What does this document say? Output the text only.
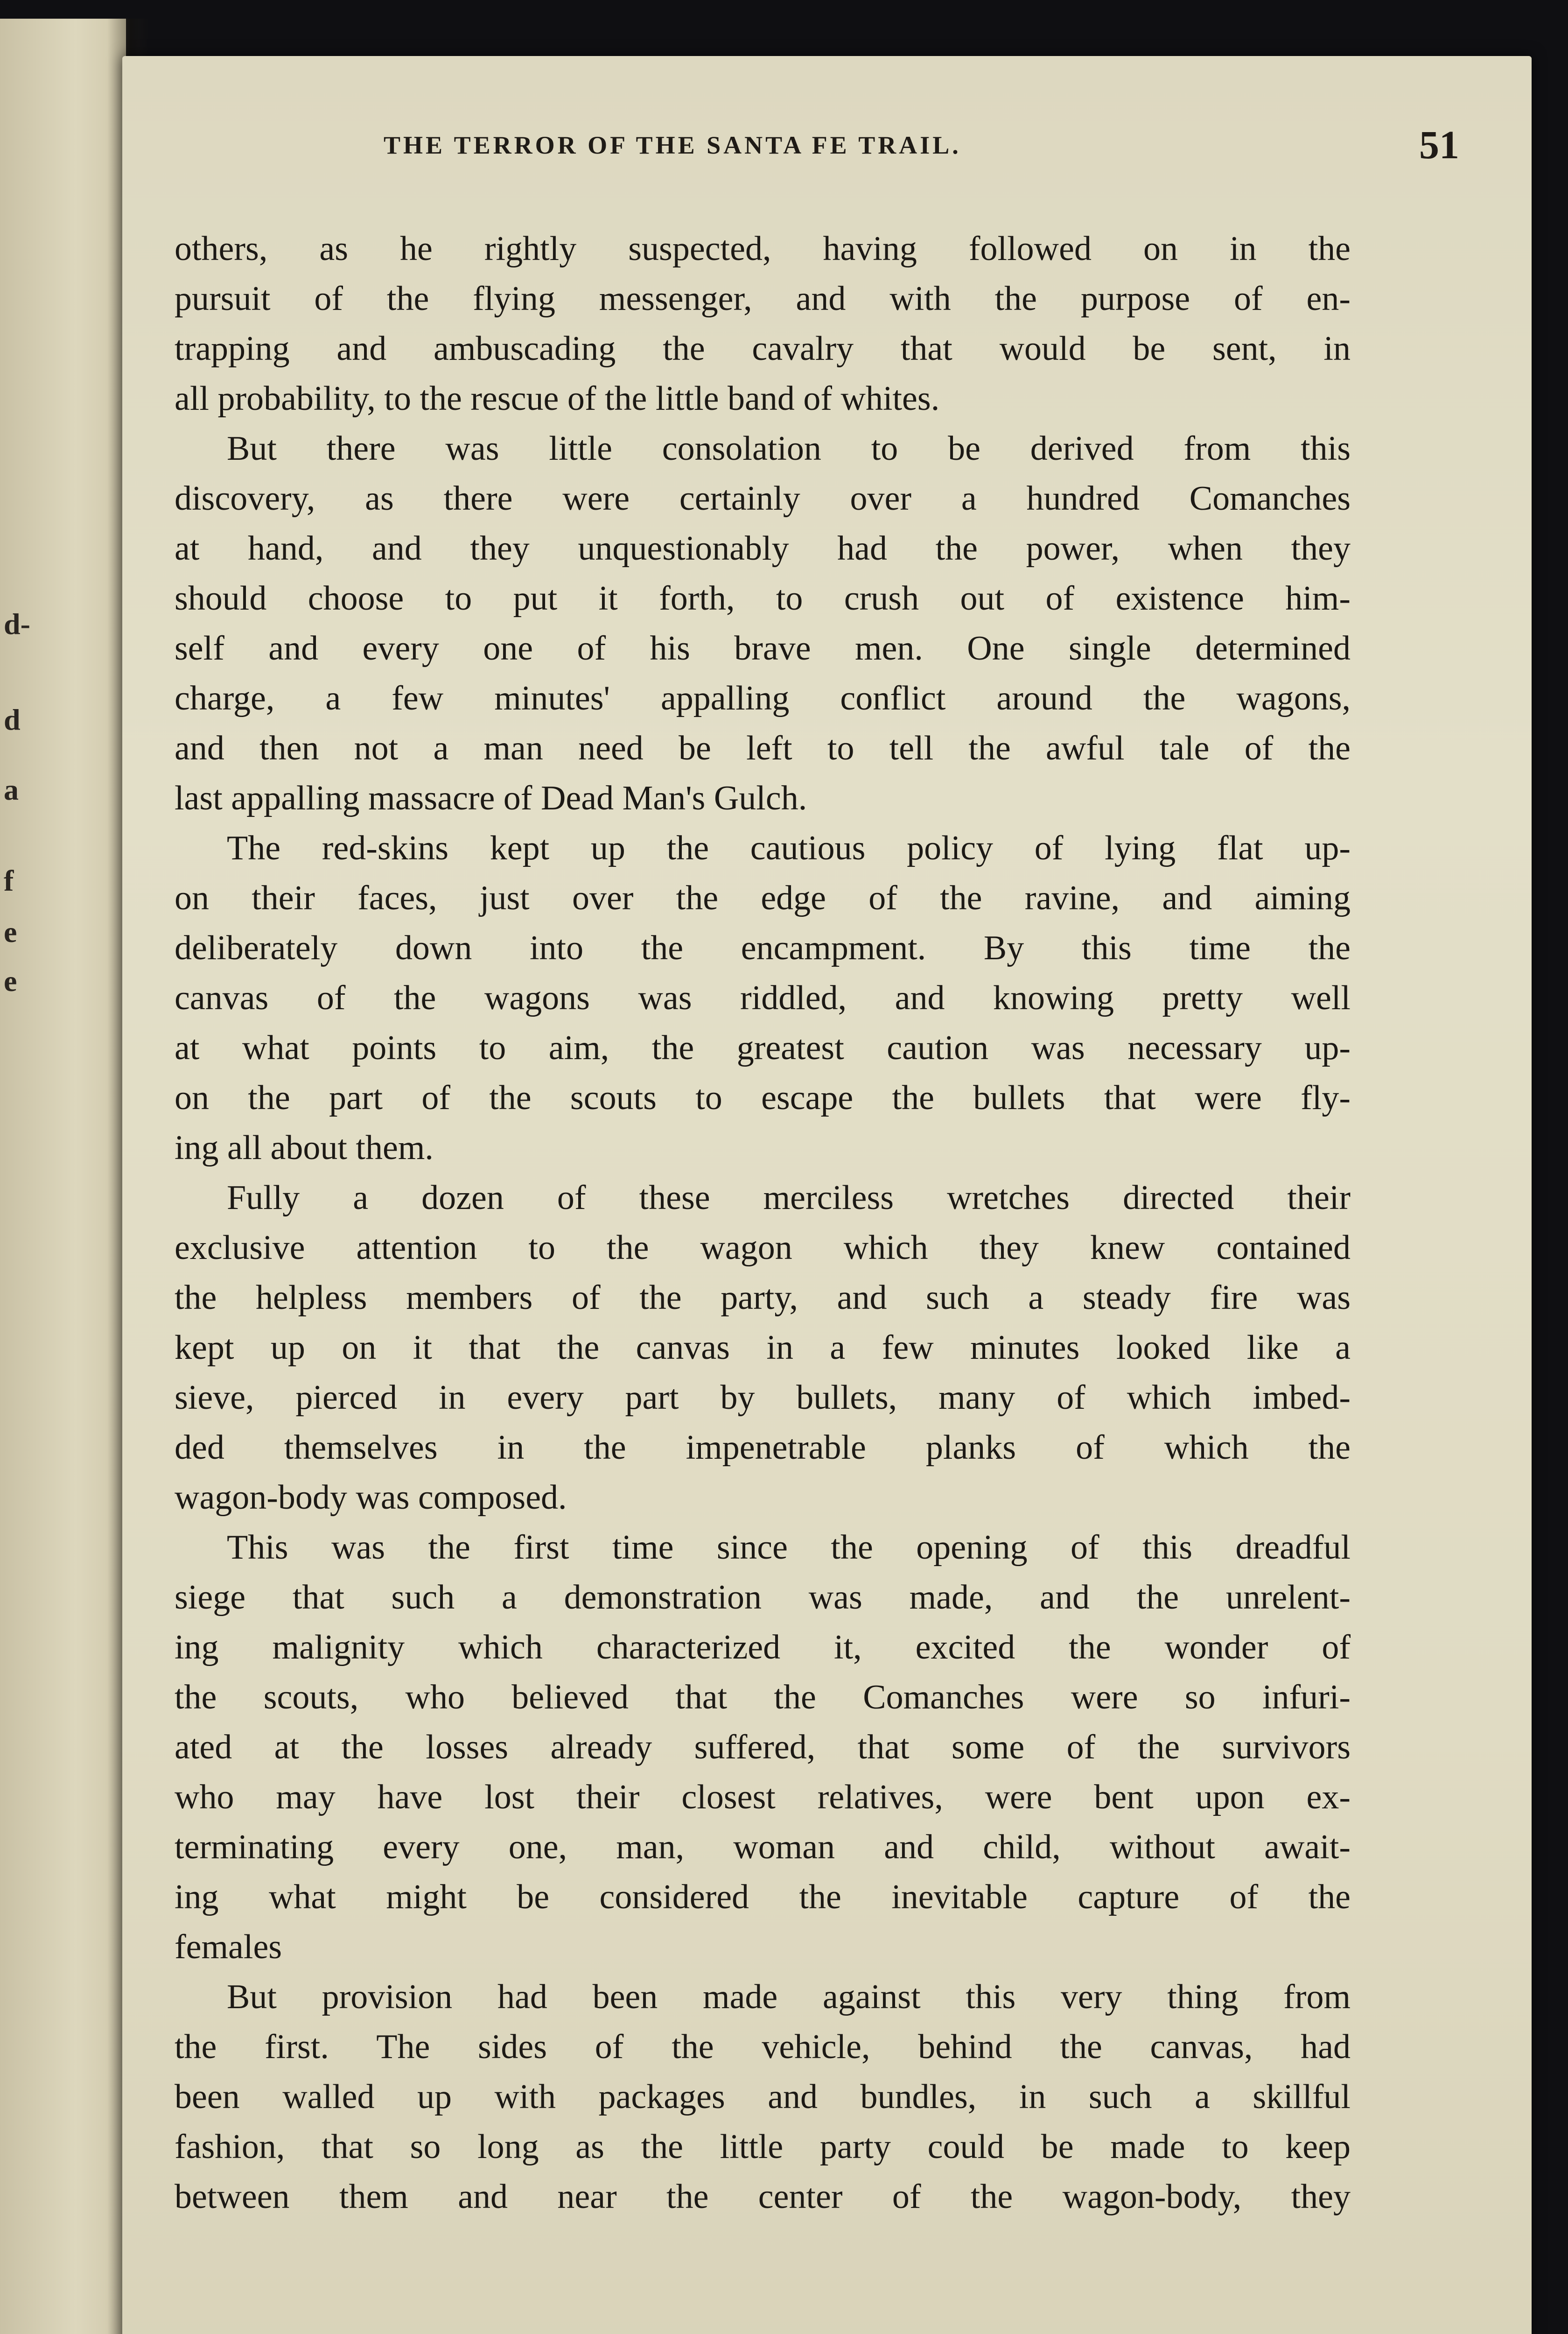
d-
d
a
f
e
e
THE TERROR OF THE SANTA FE TRAIL.	51
others, as he rightly suspected, having followed on in the
pursuit of the flying messenger, and with the purpose of en-
trapping and ambuscading the cavalry that would be sent, in
all probability, to the rescue of the little band of whites.
But there was little consolation to be derived from this
discovery, as there were certainly over a hundred Comanches
at hand, and they unquestionably had the power, when they
should choose to put it forth, to crush out of existence him-
self and every one of his brave men. One single determined
charge, a few minutes' appalling conflict around the wagons,
and then not a man need be left to tell the awful tale of the
last appalling massacre of Dead Man's Gulch.
The red-skins kept up the cautious policy of lying flat up-
on their faces, just over the edge of the ravine, and aiming
deliberately down into the encampment. By this time the
canvas of the wagons was riddled, and knowing pretty well
at what points to aim, the greatest caution was necessary up-
on the part of the scouts to escape the bullets that were fly-
ing all about them.
Fully a dozen of these merciless wretches directed their
exclusive attention to the wagon which they knew contained
the helpless members of the party, and such a steady fire was
kept up on it that the canvas in a few minutes looked like a
sieve, pierced in every part by bullets, many of which imbed-
ded themselves in the impenetrable planks of which the
wagon-body was composed.
This was the first time since the opening of this dreadful
siege that such a demonstration was made, and the unrelent-
ing malignity which characterized it, excited the wonder of
the scouts, who believed that the Comanches were so infuri-
ated at the losses already suffered, that some of the survivors
who may have lost their closest relatives, were bent upon ex-
terminating every one, man, woman and child, without await-
ing what might be considered the inevitable capture of the
females
But provision had been made against this very thing from
the first. The sides of the vehicle, behind the canvas, had
been walled up with packages and bundles, in such a skillful
fashion, that so long as the little party could be made to keep
between them and near the center of the wagon-body, they
